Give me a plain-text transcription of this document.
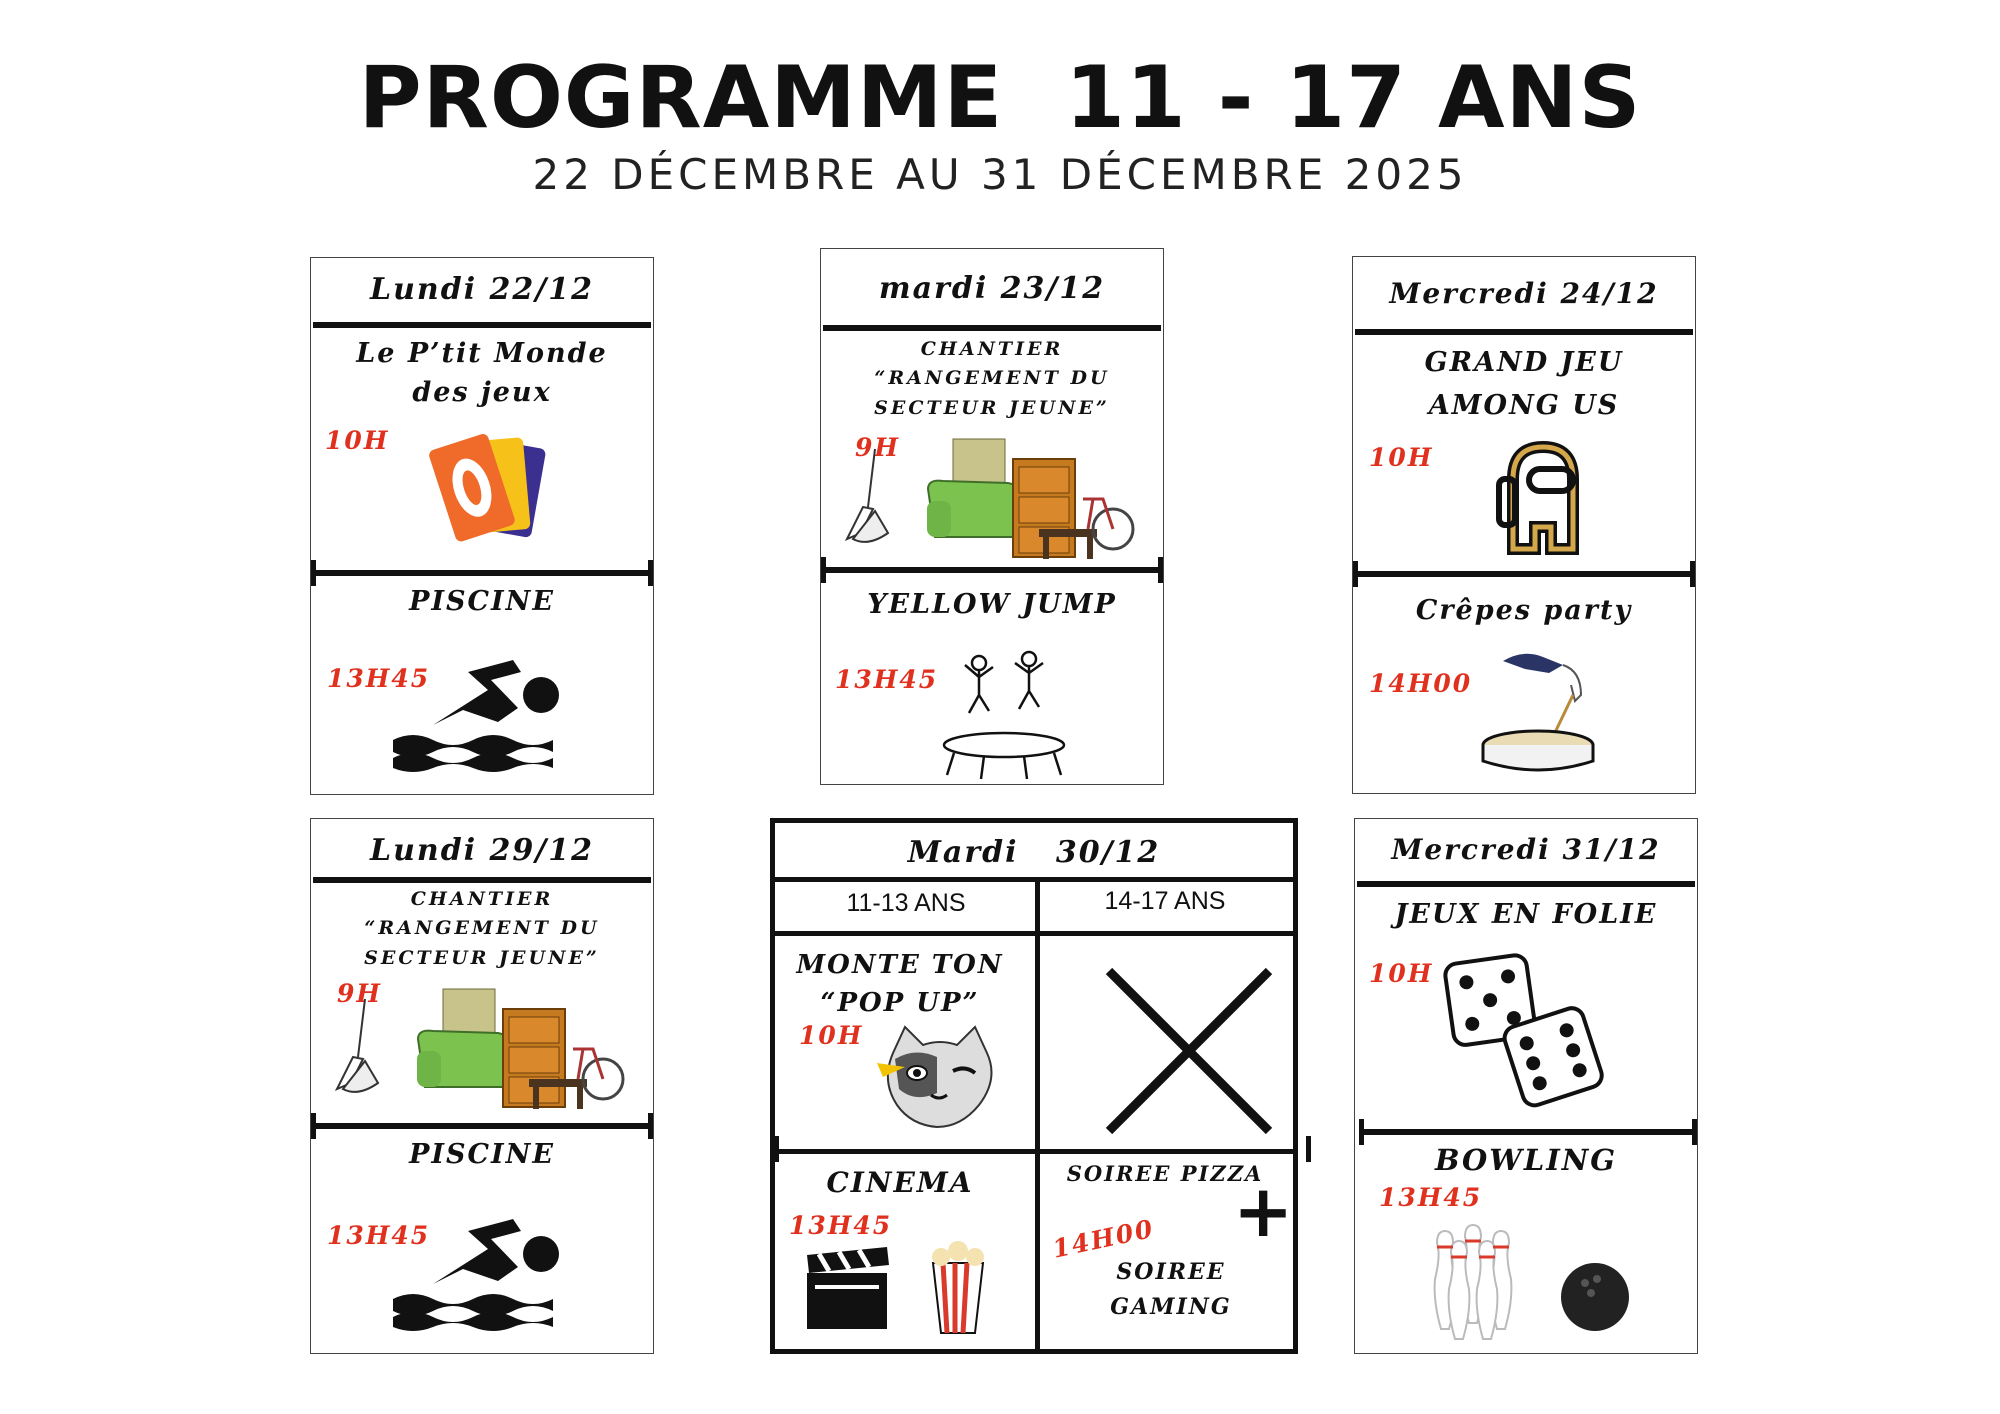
PROGRAMME  11 - 17 ANS
22 DÉCEMBRE AU 31 DÉCEMBRE 2025
Lundi 22/12
Le P’tit Monde
des jeux
10H
PISCINE
13H45
mardi 23/12
CHANTIER
“RANGEMENT DU
SECTEUR JEUNE”
9H
YELLOW JUMP
13H45
Mercredi 24/12
GRAND JEU
AMONG US
10H
Crêpes party
14H00
Lundi 29/12
CHANTIER
“RANGEMENT DU
SECTEUR JEUNE”
9H
PISCINE
13H45
Mardi   30/12
11-13 ANS	14-17 ANS
MONTE TON
“POP UP”
10H
CINEMA
13H45
SOIREE PIZZA
14H00 +
SOIREE
GAMING
Mercredi 31/12
JEUX EN FOLIE
10H
BOWLING
13H45
